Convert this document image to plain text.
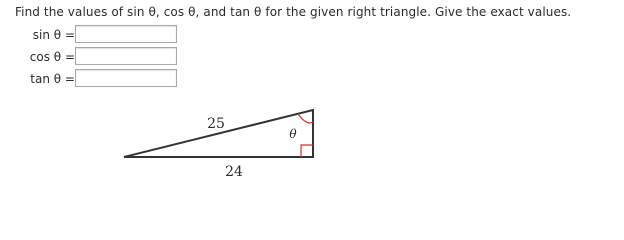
Find the values of sin θ, cos θ, and tan θ for the given right triangle. Give the exact values.
sin θ =
cos θ =
tan θ =
25
24
θ
